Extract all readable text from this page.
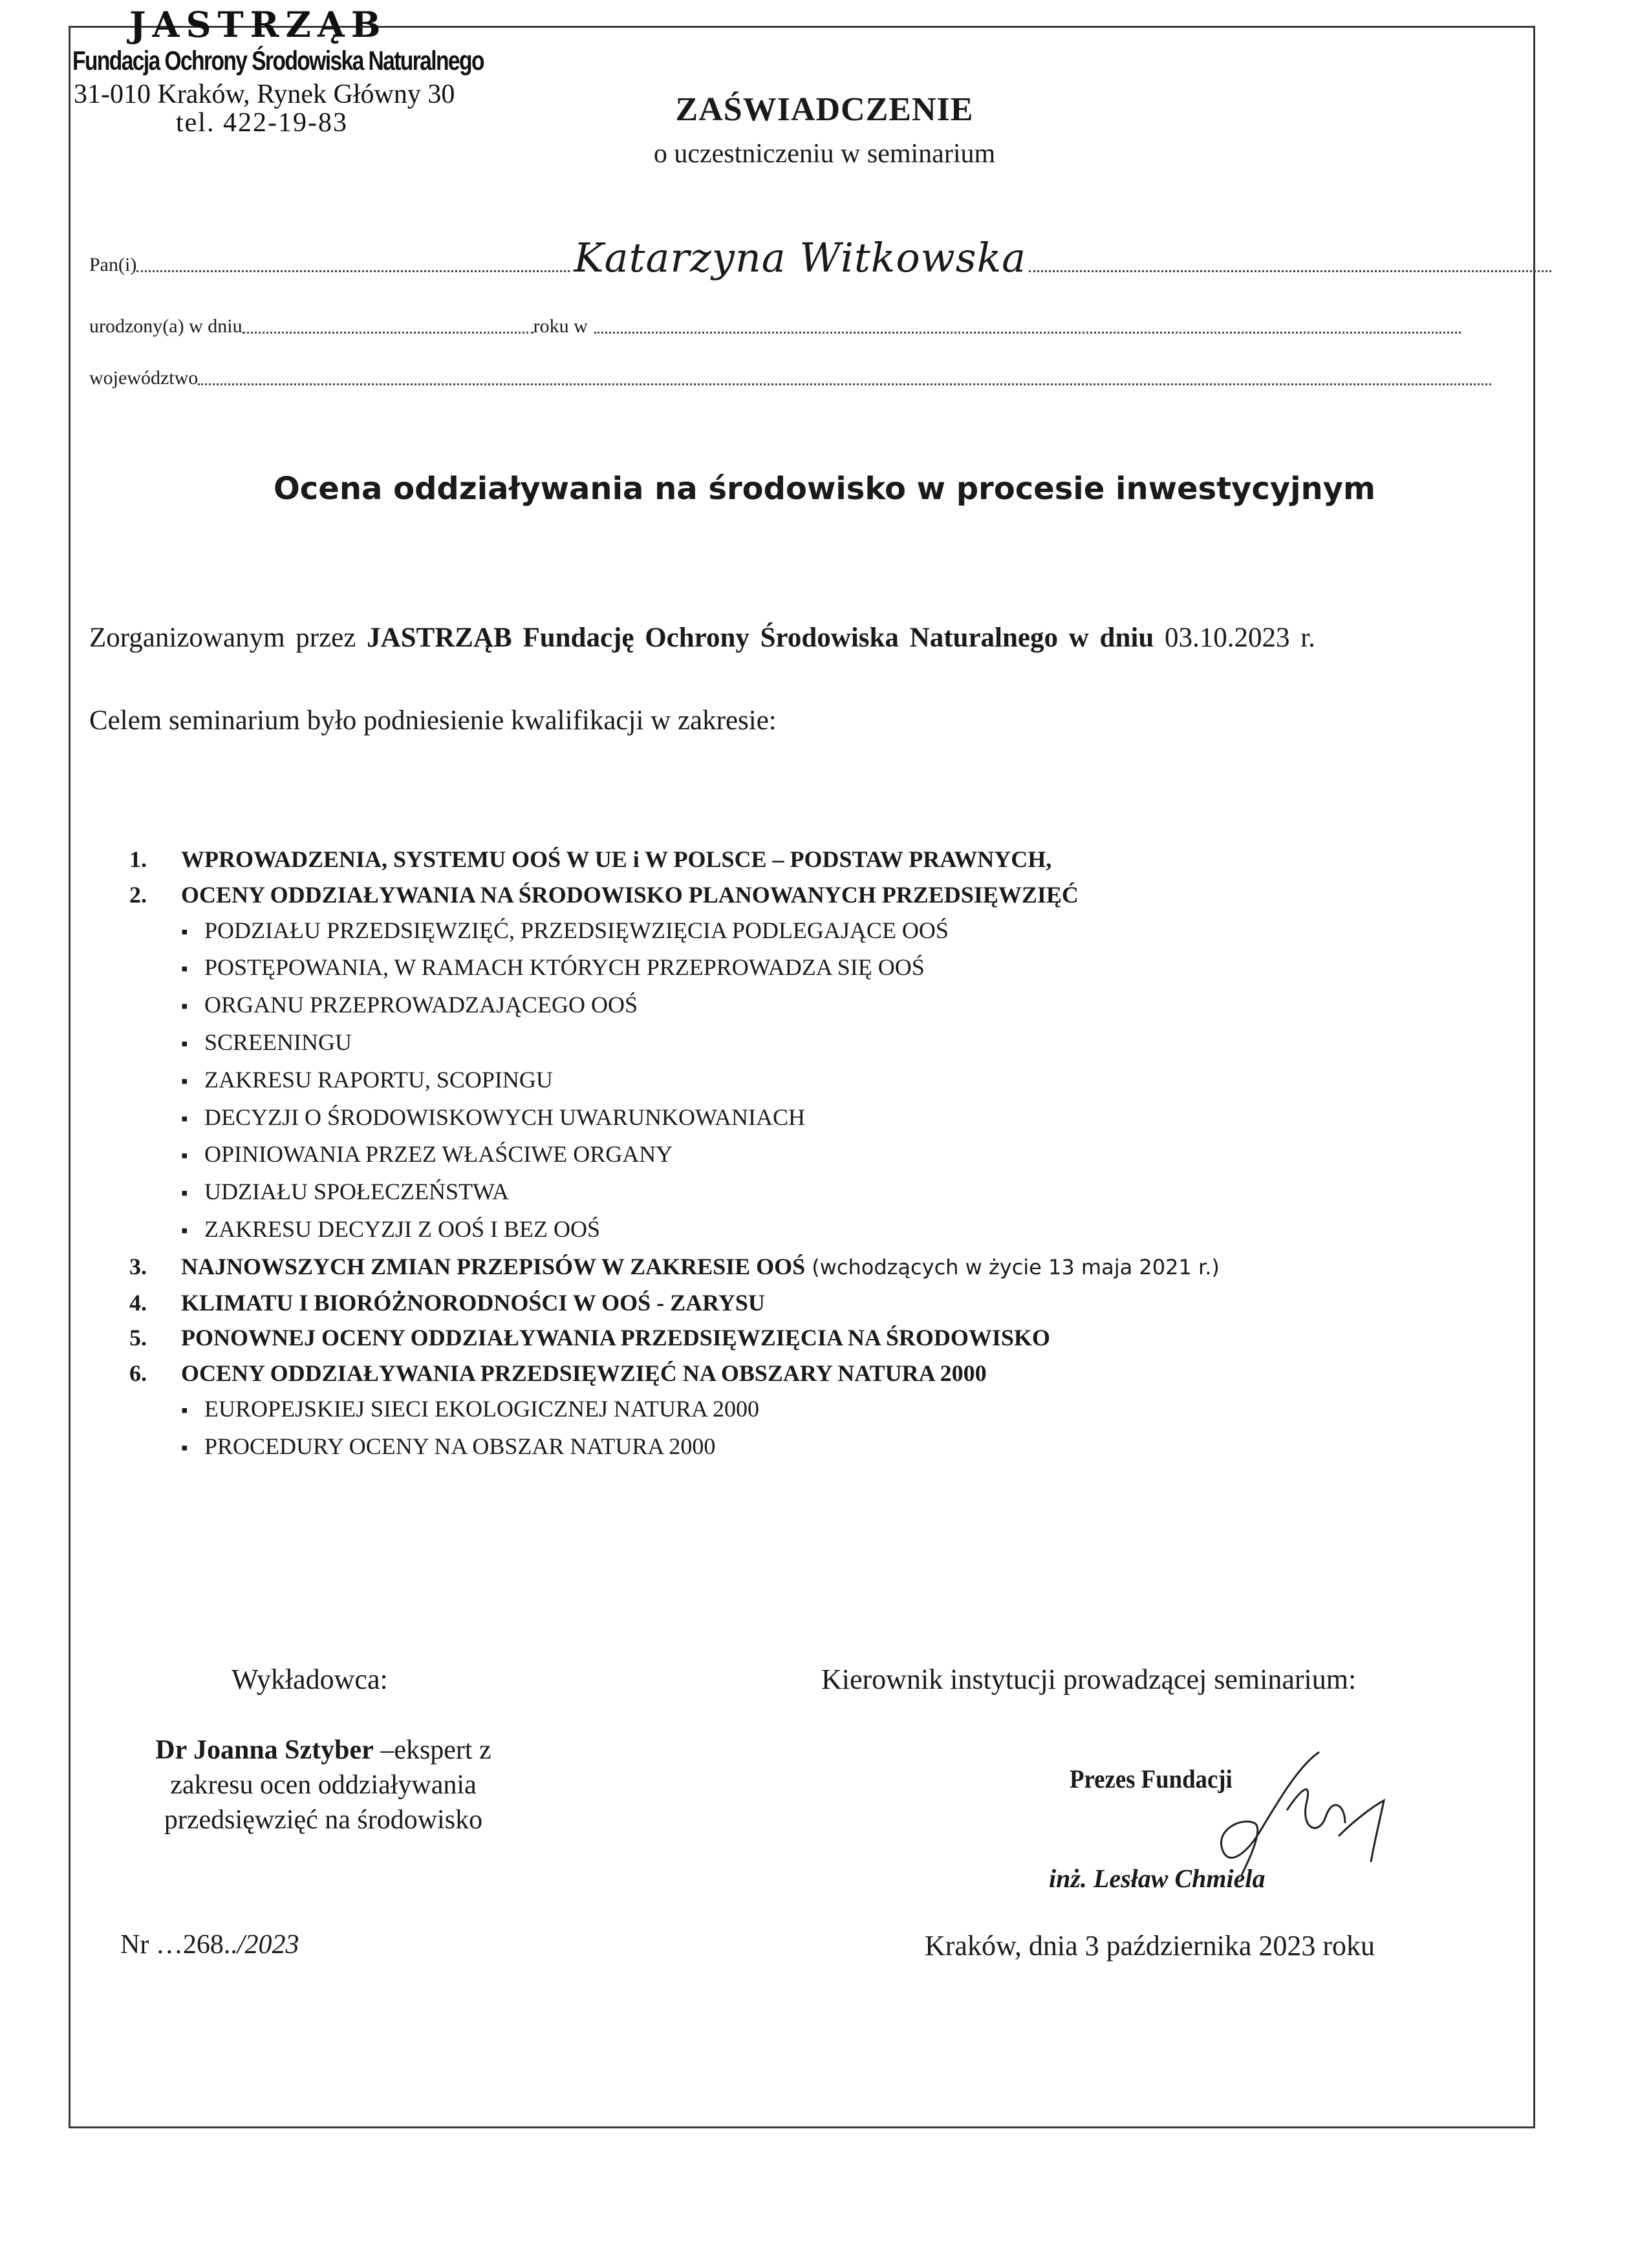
JASTRZĄB
Fundacja Ochrony Środowiska Naturalnego
31-010 Kraków, Rynek Główny 30
tel. 422-19-83	ZAŚWIADCZENIE
o uczestniczeniu w seminarium
Pan(i)	Katarzyna Witkowska
urodzony(a) w dniu	roku w
województwo
Ocena oddziaływania na środowisko w procesie inwestycyjnym
Zorganizowanym przez JASTRZĄB Fundację Ochrony Środowiska Naturalnego w dniu 03.10.2023 r.
Celem seminarium było podniesienie kwalifikacji w zakresie:
1. WPROWADZENIA, SYSTEMU OOŚ W UE i W POLSCE – PODSTAW PRAWNYCH,
2. OCENY ODDZIAŁYWANIA NA ŚRODOWISKO PLANOWANYCH PRZEDSIĘWZIĘĆ
▪ PODZIAŁU PRZEDSIĘWZIĘĆ, PRZEDSIĘWZIĘCIA PODLEGAJĄCE OOŚ
▪ POSTĘPOWANIA, W RAMACH KTÓRYCH PRZEPROWADZA SIĘ OOŚ
▪ ORGANU PRZEPROWADZAJĄCEGO OOŚ
▪ SCREENINGU
▪ ZAKRESU RAPORTU, SCOPINGU
▪ DECYZJI O ŚRODOWISKOWYCH UWARUNKOWANIACH
▪ OPINIOWANIA PRZEZ WŁAŚCIWE ORGANY
▪ UDZIAŁU SPOŁECZEŃSTWA
▪ ZAKRESU DECYZJI Z OOŚ I BEZ OOŚ
3. NAJNOWSZYCH ZMIAN PRZEPISÓW W ZAKRESIE OOŚ (wchodzących w życie 13 maja 2021 r.)
4. KLIMATU I BIORÓŻNORODNOŚCI W OOŚ - ZARYSU
5. PONOWNEJ OCENY ODDZIAŁYWANIA PRZEDSIĘWZIĘCIA NA ŚRODOWISKO
6. OCENY ODDZIAŁYWANIA PRZEDSIĘWZIĘĆ NA OBSZARY NATURA 2000
▪ EUROPEJSKIEJ SIECI EKOLOGICZNEJ NATURA 2000
▪ PROCEDURY OCENY NA OBSZAR NATURA 2000
Wykładowca:
Dr Joanna Sztyber –ekspert z
zakresu ocen oddziaływania
przedsięwzięć na środowisko
Nr …268../2023
Kierownik instytucji prowadzącej seminarium:
Prezes Fundacji
inż. Lesław Chmiela
Kraków, dnia 3 października 2023 roku
